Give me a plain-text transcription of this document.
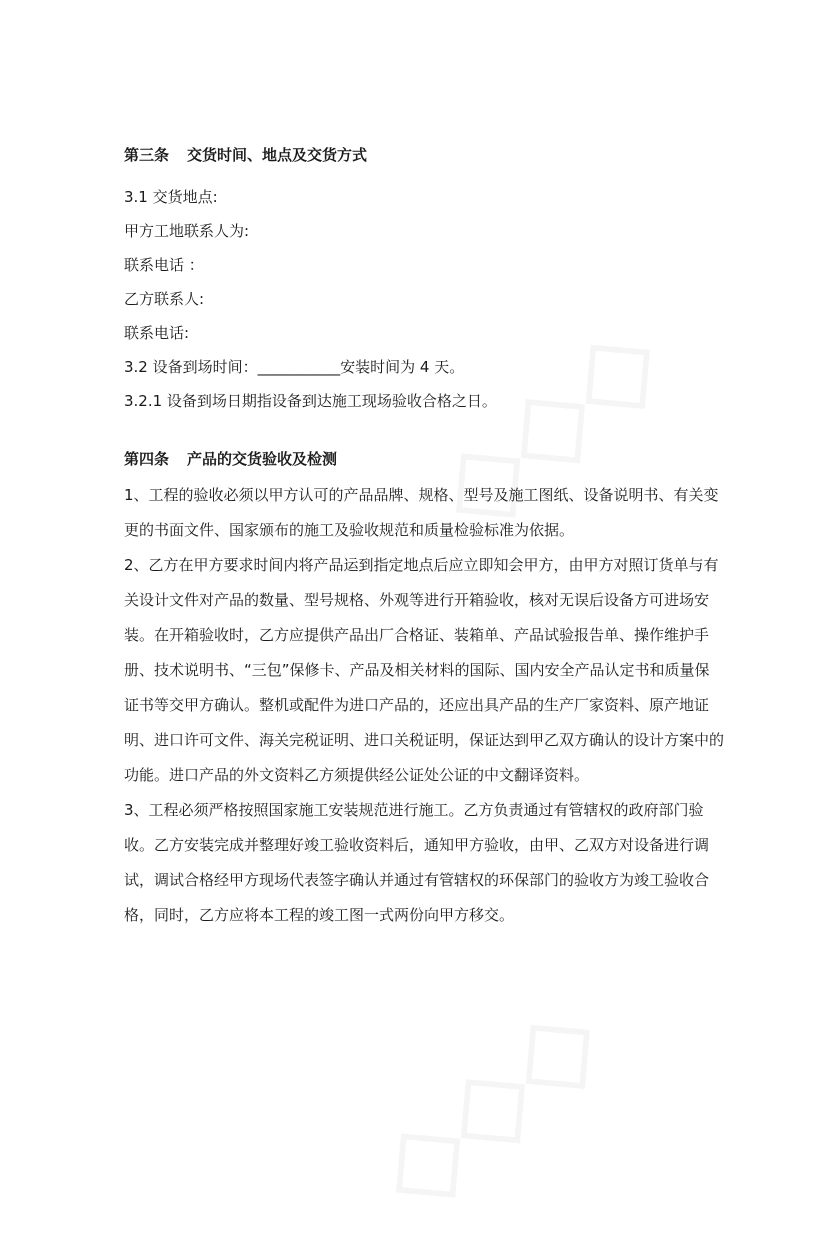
第三条 交货时间、地点及交货方式
3.1 交货地点:
甲方工地联系人为:
联系电话 ：
乙方联系人:
联系电话:
3.2 设备到场时间：___________安装时间为 4 天。
3.2.1 设备到场日期指设备到达施工现场验收合格之日。
第四条 产品的交货验收及检测

1、工程的验收必须以甲方认可的产品品牌、规格、型号及施工图纸、设备说明书、有关变更的书面文件、国家颁布的施工及验收规范和质量检验标准为依据。

2、乙方在甲方要求时间内将产品运到指定地点后应立即知会甲方，由甲方对照订货单与有关设计文件对产品的数量、型号规格、外观等进行开箱验收，核对无误后设备方可进场安装。在开箱验收时，乙方应提供产品出厂合格证、装箱单、产品试验报告单、操作维护手册、技术说明书、“三包”保修卡、产品及相关材料的国际、国内安全产品认定书和质量保证书等交甲方确认。整机或配件为进口产品的，还应出具产品的生产厂家资料、原产地证明、进口许可文件、海关完税证明、进口关税证明，保证达到甲乙双方确认的设计方案中的功能。进口产品的外文资料乙方须提供经公证处公证的中文翻译资料。

3、工程必须严格按照国家施工安装规范进行施工。乙方负责通过有管辖权的政府部门验收。乙方安装完成并整理好竣工验收资料后，通知甲方验收，由甲、乙双方对设备进行调试，调试合格经甲方现场代表签字确认并通过有管辖权的环保部门的验收方为竣工验收合格，同时，乙方应将本工程的竣工图一式两份向甲方移交。
